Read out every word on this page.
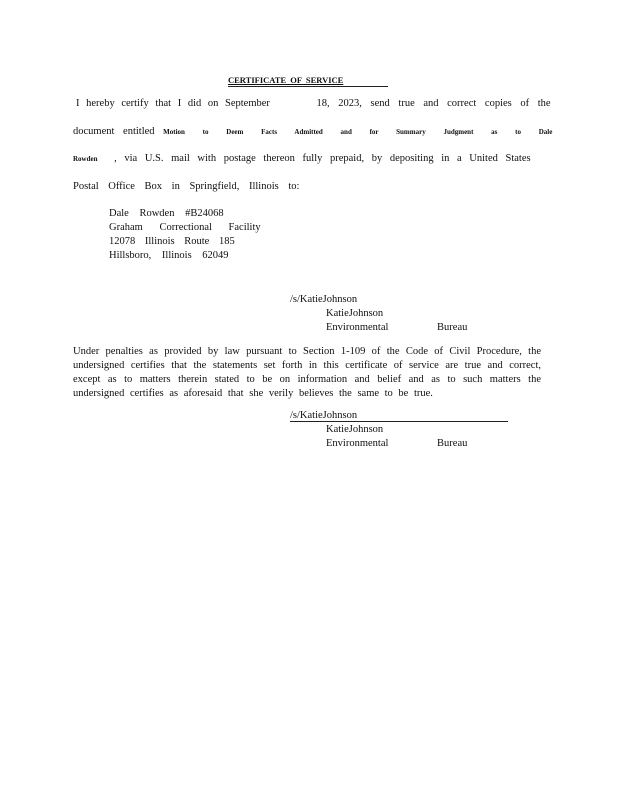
CERTIFICATE OF SERVICE
I hereby certify that I did on September	18, 2023, send true and correct copies of the
document entitled Motion to Deem Facts Admitted and for Summary Judgment as to Dale
Rowden , via U.S. mail with postage thereon fully prepaid, by depositing in a United States
Postal Office Box in Springfield, Illinois to:
Dale Rowden #B24068
Graham Correctional Facility
12078 Illinois Route 185
Hillsboro, Illinois 62049
/s/KatieJohnson
KatieJohnson
Environmental	Bureau
Under penalties as provided by law pursuant to Section 1-109 of the Code of Civil Procedure, the undersigned certifies that the statements set forth in this certificate of service are true and correct, except as to matters therein stated to be on information and belief and as to such matters the undersigned certifies as aforesaid that she verily believes the same to be true.
/s/KatieJohnson
KatieJohnson
Environmental	Bureau
